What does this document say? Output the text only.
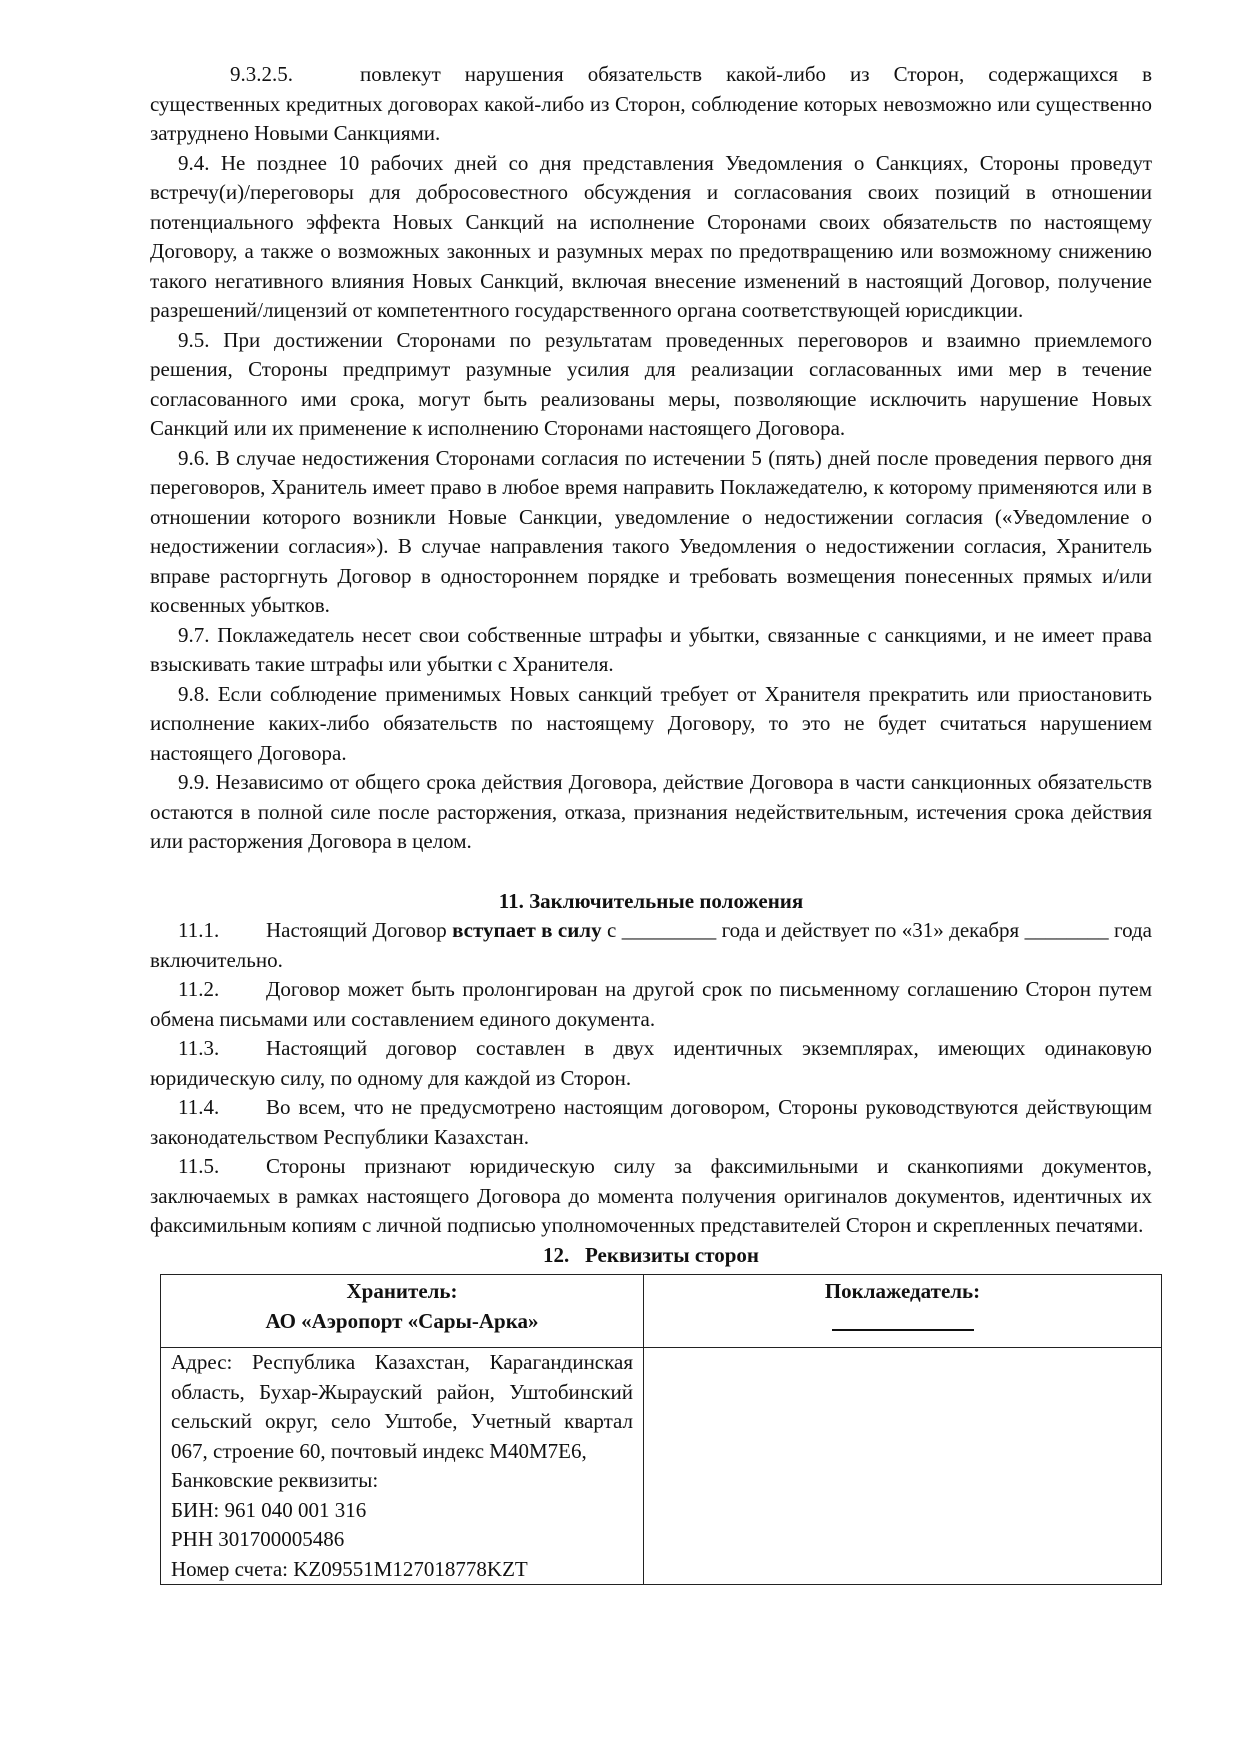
9.3.2.5.	повлекут нарушения обязательств какой-либо из Сторон, содержащихся в существенных кредитных договорах какой-либо из Сторон, соблюдение которых невозможно или существенно затруднено Новыми Санкциями.

9.4. Не позднее 10 рабочих дней со дня представления Уведомления о Санкциях, Стороны проведут встречу(и)/переговоры для добросовестного обсуждения и согласования своих позиций в отношении потенциального эффекта Новых Санкций на исполнение Сторонами своих обязательств по настоящему Договору, а также о возможных законных и разумных мерах по предотвращению или возможному снижению такого негативного влияния Новых Санкций, включая внесение изменений в настоящий Договор, получение разрешений/лицензий от компетентного государственного органа соответствующей юрисдикции.

9.5. При достижении Сторонами по результатам проведенных переговоров и взаимно приемлемого решения, Стороны предпримут разумные усилия для реализации согласованных ими мер в течение согласованного ими срока, могут быть реализованы меры, позволяющие исключить нарушение Новых Санкций или их применение к исполнению Сторонами настоящего Договора.

9.6. В случае недостижения Сторонами согласия по истечении 5 (пять) дней после проведения первого дня переговоров, Хранитель имеет право в любое время направить Поклажедателю, к которому применяются или в отношении которого возникли Новые Санкции, уведомление о недостижении согласия («Уведомление о недостижении согласия»). В случае направления такого Уведомления о недостижении согласия, Хранитель вправе расторгнуть Договор в одностороннем порядке и требовать возмещения понесенных прямых и/или косвенных убытков.

9.7. Поклажедатель несет свои собственные штрафы и убытки, связанные с санкциями, и не имеет права взыскивать такие штрафы или убытки с Хранителя.

9.8. Если соблюдение применимых Новых санкций требует от Хранителя прекратить или приостановить исполнение каких-либо обязательств по настоящему Договору, то это не будет считаться нарушением настоящего Договора.

9.9. Независимо от общего срока действия Договора, действие Договора в части санкционных обязательств остаются в полной силе после расторжения, отказа, признания недействительным, истечения срока действия или расторжения Договора в целом.

11. Заключительные положения

11.1. Настоящий Договор вступает в силу с _________ года и действует по «31» декабря ________ года включительно.

11.2. Договор может быть пролонгирован на другой срок по письменному соглашению Сторон путем обмена письмами или составлением единого документа.

11.3. Настоящий договор составлен в двух идентичных экземплярах, имеющих одинаковую юридическую силу, по одному для каждой из Сторон.

11.4. Во всем, что не предусмотрено настоящим договором, Стороны руководствуются действующим законодательством Республики Казахстан.

11.5. Стороны признают юридическую силу за факсимильными и сканкопиями документов, заключаемых в рамках настоящего Договора до момента получения оригиналов документов, идентичных их факсимильным копиям с личной подписью уполномоченных представителей Сторон и скрепленных печатями.

12.   Реквизиты сторон

Хранитель:
АО «Аэропорт «Сары-Арка»	Поклажедатель:

Адрес: Республика Казахстан, Карагандинская область, Бухар-Жырауский район, Уштобинский сельский округ, село Уштобе, Учетный квартал 067, строение 60, почтовый индекс М40М7Е6,
Банковские реквизиты:
БИН: 961 040 001 316
РНН 301700005486
Номер счета: KZ09551M127018778KZT	
